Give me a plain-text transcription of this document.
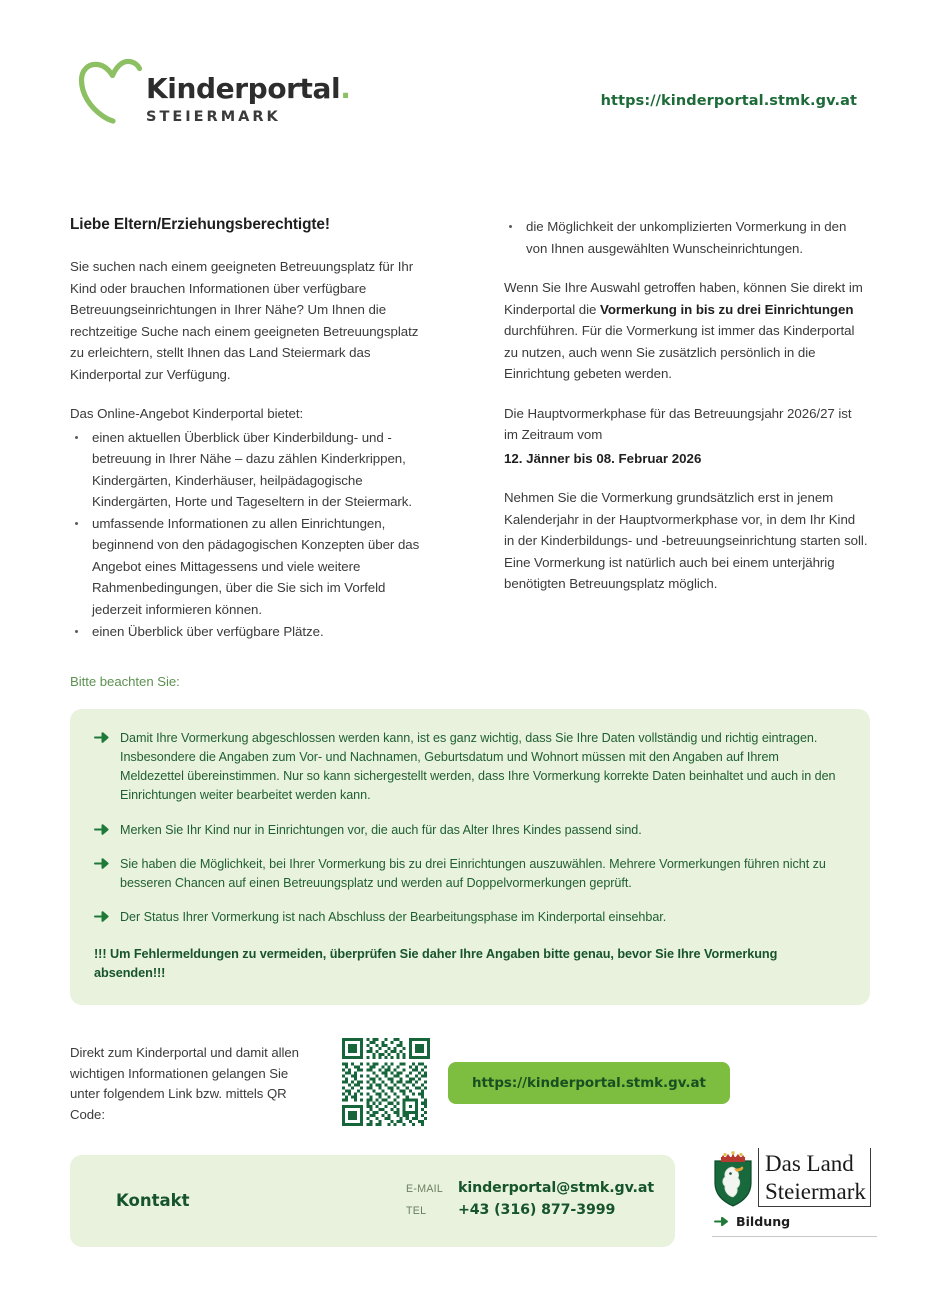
Kinderportal.
STEIERMARK
https://kinderportal.stmk.gv.at
Liebe Eltern/Erziehungsberechtigte!

Sie suchen nach einem geeigneten Betreuungsplatz für Ihr Kind oder brauchen Informationen über verfügbare Betreuungseinrichtungen in Ihrer Nähe? Um Ihnen die rechtzeitige Suche nach einem geeigneten Betreuungsplatz zu erleichtern, stellt Ihnen das Land Steiermark das Kinderportal zur Verfügung.

Das Online-Angebot Kinderportal bietet:

einen aktuellen Überblick über Kinderbildung- und -betreuung in Ihrer Nähe – dazu zählen Kinderkrippen, Kindergärten, Kinderhäuser, heilpädagogische Kindergärten, Horte und Tageseltern in der Steiermark.
umfassende Informationen zu allen Einrichtungen, beginnend von den pädagogischen Konzepten über das Angebot eines Mittagessens und viele weitere Rahmenbedingungen, über die Sie sich im Vorfeld jederzeit informieren können.
einen Überblick über verfügbare Plätze.
die Möglichkeit der unkomplizierten Vormerkung in den von Ihnen ausgewählten Wunscheinrichtungen.

Wenn Sie Ihre Auswahl getroffen haben, können Sie direkt im Kinderportal die Vormerkung in bis zu drei Einrichtungen durchführen. Für die Vormerkung ist immer das Kinderportal zu nutzen, auch wenn Sie zusätzlich persönlich in die Einrichtung gebeten werden.

Die Hauptvormerkphase für das Betreuungsjahr 2026/27 ist im Zeitraum vom

12. Jänner bis 08. Februar 2026

Nehmen Sie die Vormerkung grundsätzlich erst in jenem Kalenderjahr in der Hauptvormerkphase vor, in dem Ihr Kind in der Kinderbildungs- und -betreuungseinrichtung starten soll. Eine Vormerkung ist natürlich auch bei einem unterjährig benötigten Betreuungsplatz möglich.

Bitte beachten Sie:
Damit Ihre Vormerkung abgeschlossen werden kann, ist es ganz wichtig, dass Sie Ihre Daten vollständig und richtig eintragen. Insbesondere die Angaben zum Vor- und Nachnamen, Geburtsdatum und Wohnort müssen mit den Angaben auf Ihrem Meldezettel übereinstimmen. Nur so kann sichergestellt werden, dass Ihre Vormerkung korrekte Daten beinhaltet und auch in den Einrichtungen weiter bearbeitet werden kann.
Merken Sie Ihr Kind nur in Einrichtungen vor, die auch für das Alter Ihres Kindes passend sind.
Sie haben die Möglichkeit, bei Ihrer Vormerkung bis zu drei Einrichtungen auszuwählen. Mehrere Vormerkungen führen nicht zu besseren Chancen auf einen Betreuungsplatz und werden auf Doppelvormerkungen geprüft.
Der Status Ihrer Vormerkung ist nach Abschluss der Bearbeitungsphase im Kinderportal einsehbar.
!!! Um Fehlermeldungen zu vermeiden, überprüfen Sie daher Ihre Angaben bitte genau, bevor Sie Ihre Vormerkung absenden!!!
Direkt zum Kinderportal und damit allen wichtigen Informationen gelangen Sie unter folgendem Link bzw. mittels QR Code:
https://kinderportal.stmk.gv.at
Kontakt
E-MAIL	kinderportal@stmk.gv.at
TEL	+43 (316) 877-3999
Das Land
Steiermark
Bildung
